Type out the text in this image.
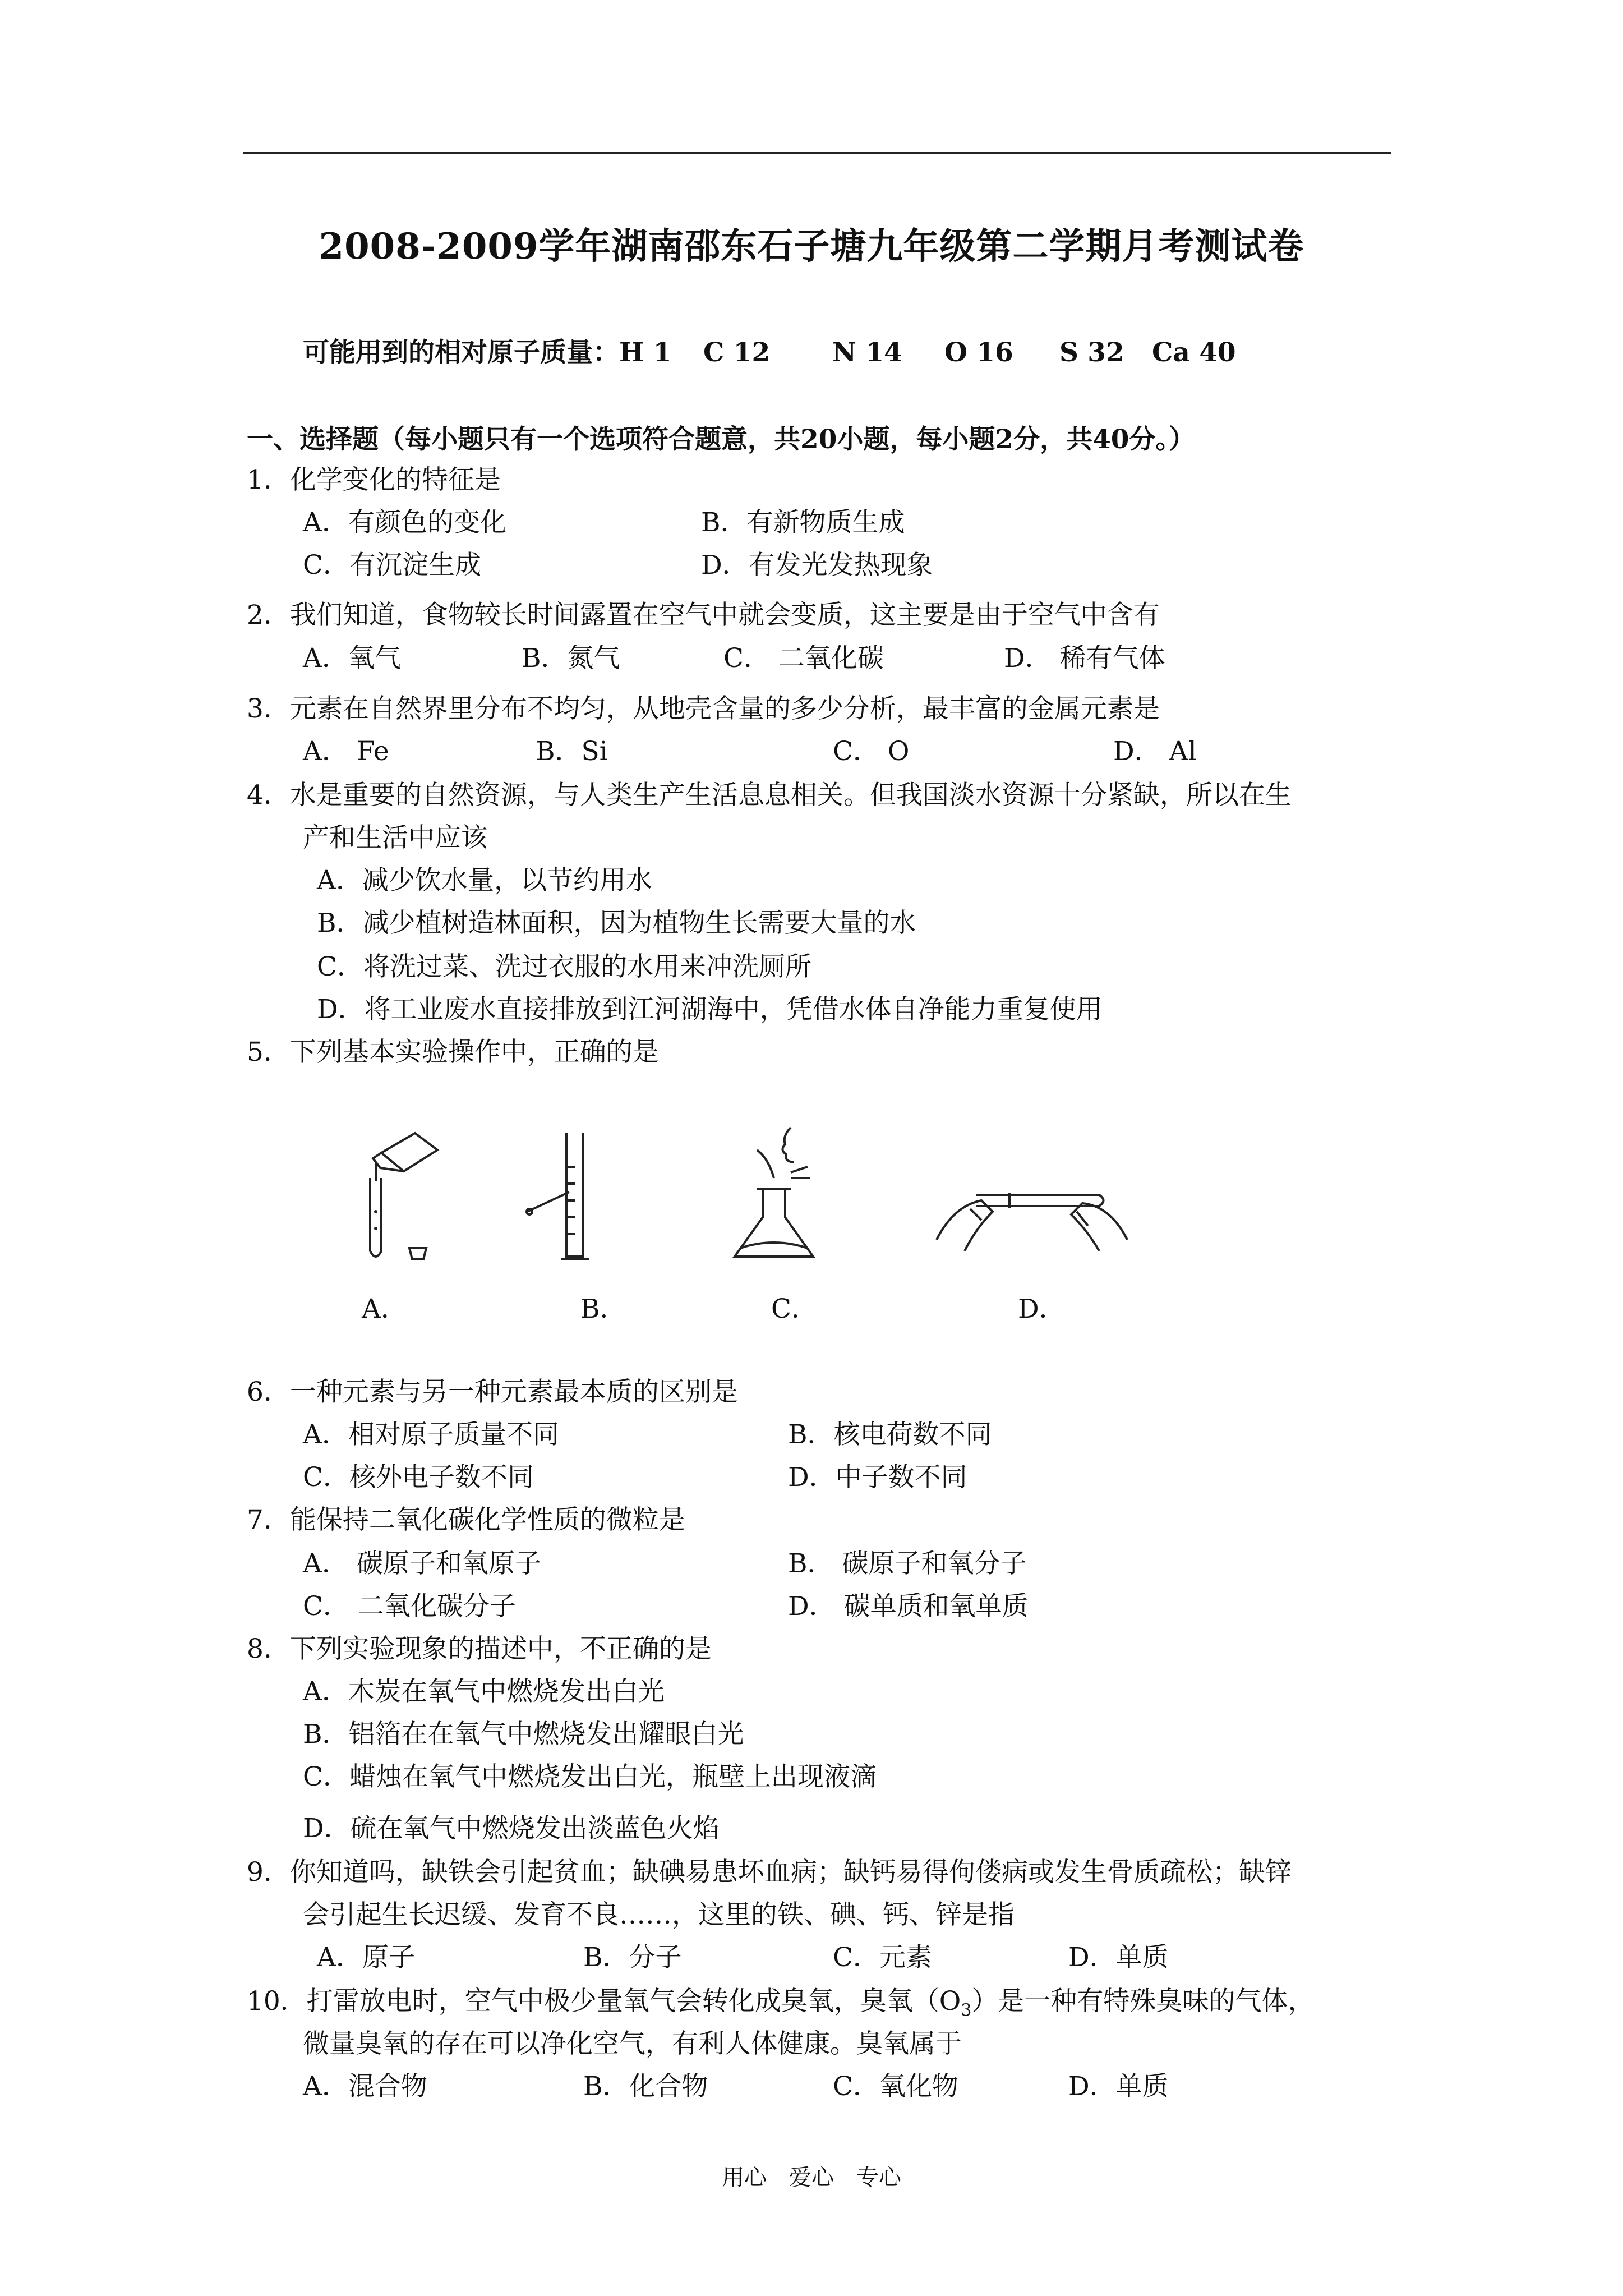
2008-2009学年湖南邵东石子塘九年级第二学期月考测试卷
可能用到的相对原子质量：H 1 C 12 N 14 O 16 S 32 Ca 40
一、选择题（每小题只有一个选项符合题意，共20小题，每小题2分，共40分。）
1．化学变化的特征是
A．有颜色的变化	B．有新物质生成
C．有沉淀生成	D．有发光发热现象
2．我们知道，食物较长时间露置在空气中就会变质，这主要是由于空气中含有
A．氧气	B．氮气	C． 二氧化碳	D． 稀有气体
3．元素在自然界里分布不均匀，从地壳含量的多少分析，最丰富的金属元素是
A． Fe	B．Si	C． O	D． Al
4．水是重要的自然资源，与人类生产生活息息相关。但我国淡水资源十分紧缺，所以在生
产和生活中应该
A．减少饮水量，以节约用水
B．减少植树造林面积，因为植物生长需要大量的水
C．将洗过菜、洗过衣服的水用来冲洗厕所
D．将工业废水直接排放到江河湖海中，凭借水体自净能力重复使用
5．下列基本实验操作中，正确的是
A．	B．	C．	D．
6．一种元素与另一种元素最本质的区别是
A．相对原子质量不同	B．核电荷数不同
C．核外电子数不同	D．中子数不同
7．能保持二氧化碳化学性质的微粒是
A． 碳原子和氧原子	B． 碳原子和氧分子
C． 二氧化碳分子	D． 碳单质和氧单质
8．下列实验现象的描述中，不正确的是
A．木炭在氧气中燃烧发出白光
B．铝箔在在氧气中燃烧发出耀眼白光
C．蜡烛在氧气中燃烧发出白光，瓶壁上出现液滴
D．硫在氧气中燃烧发出淡蓝色火焰
9．你知道吗，缺铁会引起贫血；缺碘易患坏血病；缺钙易得佝偻病或发生骨质疏松；缺锌
会引起生长迟缓、发育不良……，这里的铁、碘、钙、锌是指
A．原子	B．分子	C．元素	D．单质
10．打雷放电时，空气中极少量氧气会转化成臭氧，臭氧$(O_3)$是一种有特殊臭味的气体，
微量臭氧的存在可以净化空气，有利人体健康。臭氧属于
A．混合物	B．化合物	C．氧化物	D．单质
用心　爱心　专心
